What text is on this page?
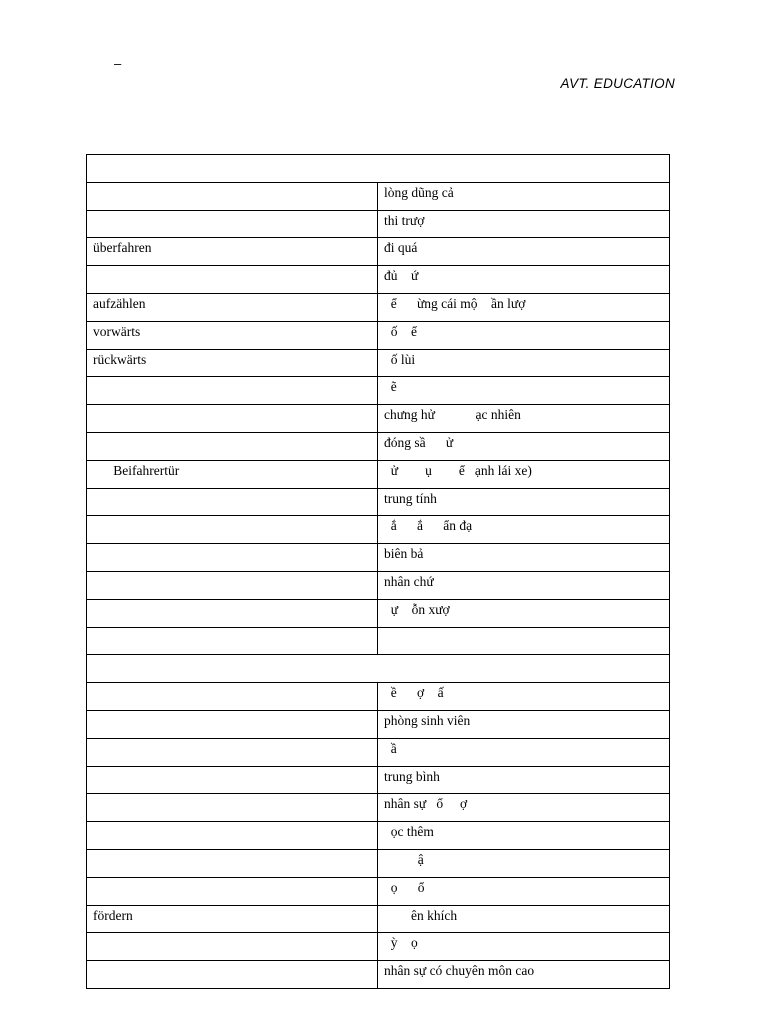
–
AVT. EDUCATION

	lòng dũng cả
	thi trượ
überfahren	đi quá
	đủ    ứ
aufzählen	ể      ừng cái mộ    ần lượ
vorwärts	ố    ể
rückwärts	ố lùi
	ẽ
	chưng hử            ạc nhiên
	đóng sầ      ử
Beifahrertür	ử        ụ        ể   ạnh lái xe)
	trung tính
	ắ      ắ      ẩn đạ
	biên bả
	nhân chứ
	ự    ỗn xượ

	ề      ợ    ấ
	phòng sinh viên
	ầ
	trung bình
	nhân sự   ổ     ợ
	ọc thêm
	ậ
	ọ      ổ
fördern	ên khích
	ỳ    ọ
	nhân sự có chuyên môn cao
